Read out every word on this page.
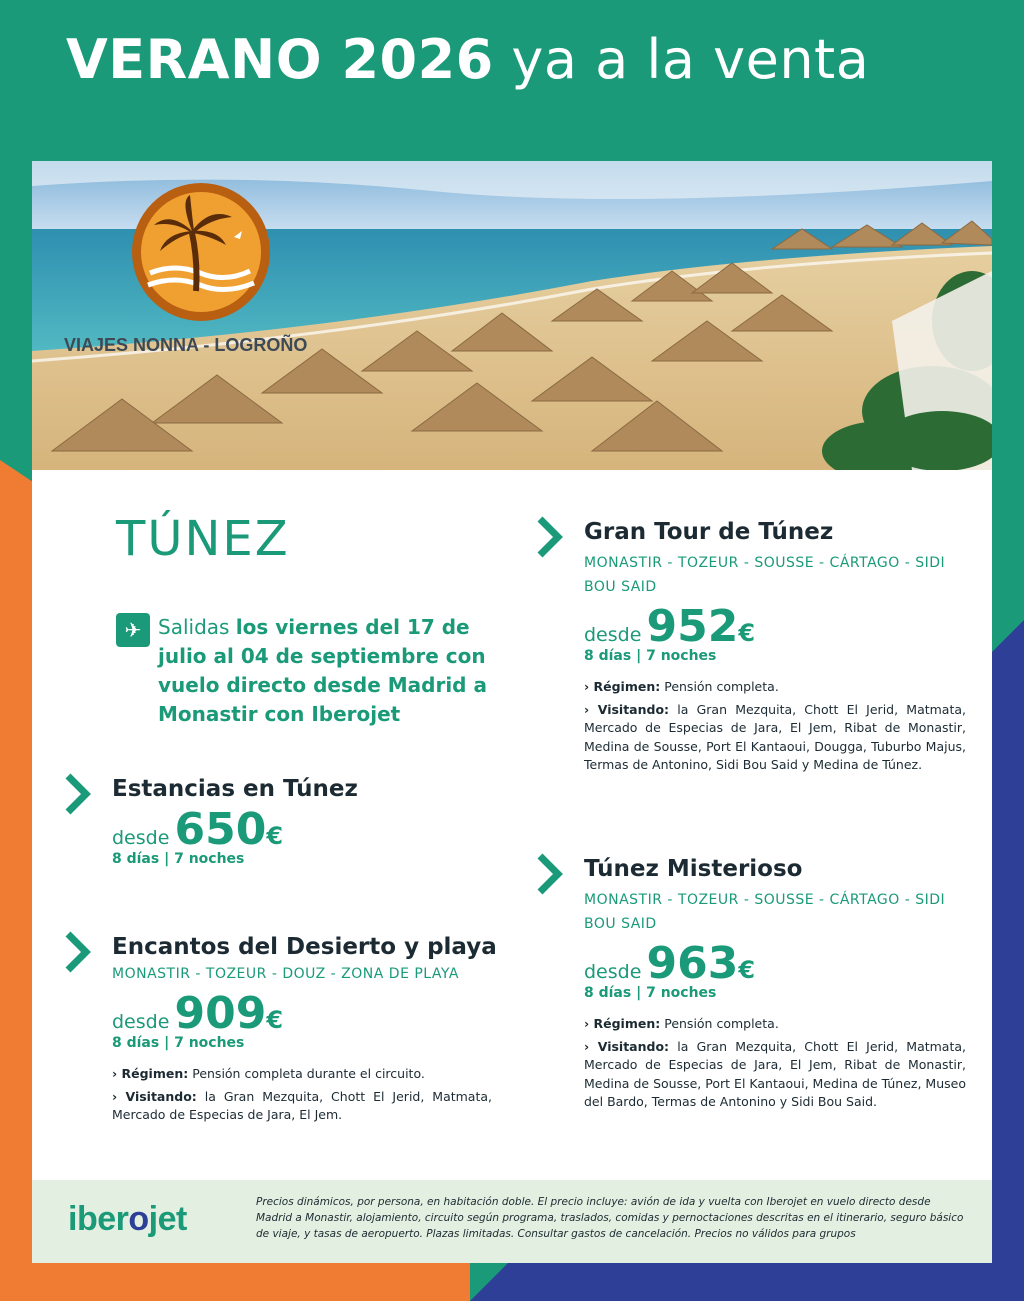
VERANO 2026 ya a la venta
VIAJES NONNA - LOGROÑO
TÚNEZ
✈ Salidas los viernes del 17 de julio al 04 de septiembre con vuelo directo desde Madrid a Monastir con Iberojet

Estancias en Túnez
desde 650€
8 días | 7 noches
Encantos del Desierto y playa
MONASTIR - TOZEUR - DOUZ - ZONA DE PLAYA
desde 909€
8 días | 7 noches
› Régimen: Pensión completa durante el circuito.
› Visitando: la Gran Mezquita, Chott El Jerid, Matmata, Mercado de Especias de Jara, El Jem.
Gran Tour de Túnez
MONASTIR - TOZEUR - SOUSSE - CÁRTAGO - SIDI BOU SAID
desde 952€
8 días | 7 noches
› Régimen: Pensión completa.
› Visitando: la Gran Mezquita, Chott El Jerid, Matmata, Mercado de Especias de Jara, El Jem, Ribat de Monastir, Medina de Sousse, Port El Kantaoui, Dougga, Tuburbo Majus, Termas de Antonino, Sidi Bou Said y Medina de Túnez.
Túnez Misterioso
MONASTIR - TOZEUR - SOUSSE - CÁRTAGO - SIDI BOU SAID
desde 963€
8 días | 7 noches
› Régimen: Pensión completa.
› Visitando: la Gran Mezquita, Chott El Jerid, Matmata, Mercado de Especias de Jara, El Jem, Ribat de Monastir, Medina de Sousse, Port El Kantaoui, Medina de Túnez, Museo del Bardo, Termas de Antonino y Sidi Bou Said.
iberojet	Precios dinámicos, por persona, en habitación doble. El precio incluye: avión de ida y vuelta con Iberojet en vuelo directo desde Madrid a Monastir, alojamiento, circuito según programa, traslados, comidas y pernoctaciones descritas en el itinerario, seguro básico de viaje, y tasas de aeropuerto. Plazas limitadas. Consultar gastos de cancelación. Precios no válidos para grupos
